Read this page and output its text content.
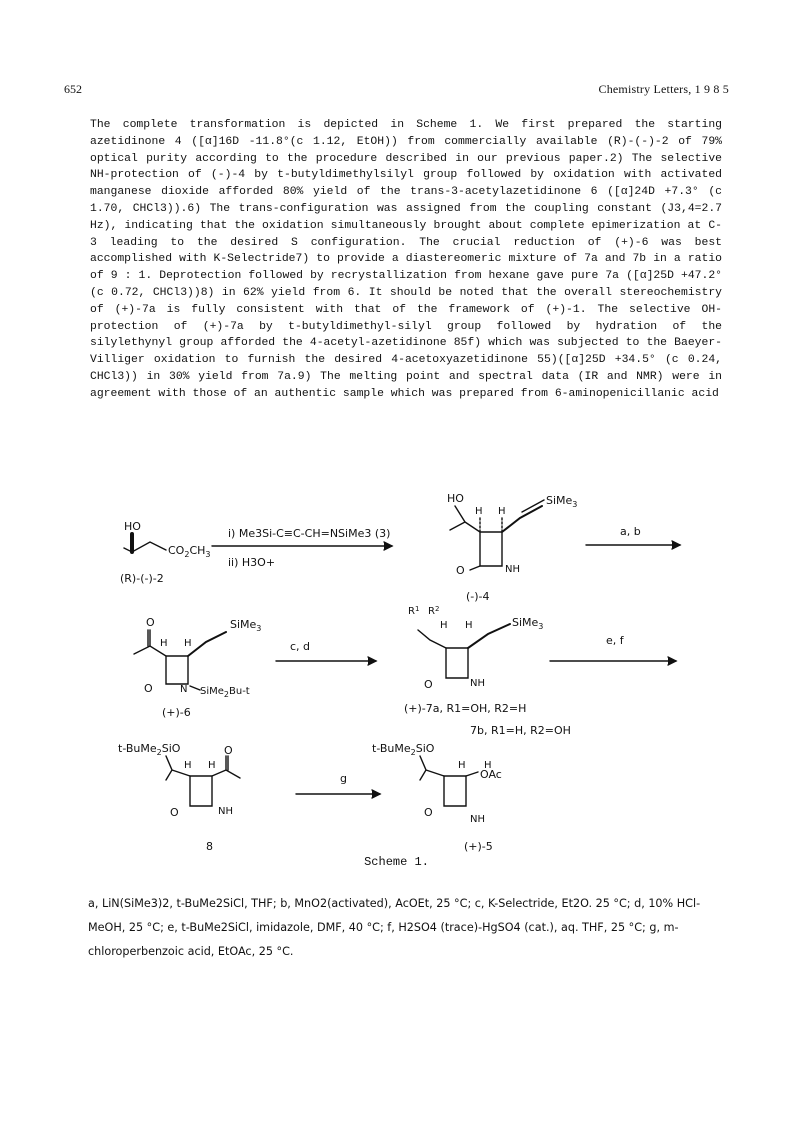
652	Chemistry Letters, 1 9 8 5

The complete transformation is depicted in Scheme 1. We first prepared the starting azetidinone 4 ([α]16D -11.8°(c 1.12, EtOH)) from commercially available (R)-(-)-2 of 79% optical purity according to the procedure described in our previous paper.2) The selective NH-protection of (-)-4 by t-butyldimethylsilyl group followed by oxidation with activated manganese dioxide afforded 80% yield of the trans-3-acetylazetidinone 6 ([α]24D +7.3° (c 1.70, CHCl3)).6) The trans-configuration was assigned from the coupling constant (J3,4=2.7 Hz), indicating that the oxidation simultaneously brought about complete epimerization at C-3 leading to the desired S configuration. The crucial reduction of (+)-6 was best accomplished with K-Selectride7) to provide a diastereomeric mixture of 7a and 7b in a ratio of 9 : 1. Deprotection followed by recrystallization from hexane gave pure 7a ([α]25D +47.2° (c 0.72, CHCl3))8) in 62% yield from 6. It should be noted that the overall stereochemistry of (+)-7a is fully consistent with that of the framework of (+)-1. The selective OH-protection of (+)-7a by t-butyldimethyl-silyl group followed by hydration of the silylethynyl group afforded the 4-acetyl-azetidinone 85f) which was subjected to the Baeyer-Villiger oxidation to furnish the desired 4-acetoxyazetidinone 55)([α]25D +34.5° (c 0.24, CHCl3)) in 30% yield from 7a.9) The melting point and spectral data (IR and NMR) were in agreement with those of an authentic sample which was prepared from 6-aminopenicillanic acid

HO
$CO_2CH_3$
(R)-(-)-2
i) Me3Si-C≡C-CH=NSiMe3 (3)
ii) H3O+
HO
H H
SiMe$_3$
O	NH
(-)-4
a, b
O
H H
SiMe$_3$
O	N SiMe$_2$Bu-t
(+)-6
c, d
$R^1$ $R^2$
H H	SiMe$_3$
O	NH
(+)-7a, R1=OH, R2=H
7b, R1=H, R2=OH
e, f
t-BuMe$_2$SiO
H H
O
O	NH
8
g
t-BuMe$_2$SiO
H H
OAc
O
NH
(+)-5
Scheme 1.

a, LiN(SiMe3)2, t-BuMe2SiCl, THF; b, MnO2(activated), AcOEt, 25 °C; c, K-Selectride, Et2O. 25 °C; d, 10% HCl-MeOH, 25 °C; e, t-BuMe2SiCl, imidazole, DMF, 40 °C; f, H2SO4 (trace)-HgSO4 (cat.), aq. THF, 25 °C; g, m-chloroperbenzoic acid, EtOAc, 25 °C.
